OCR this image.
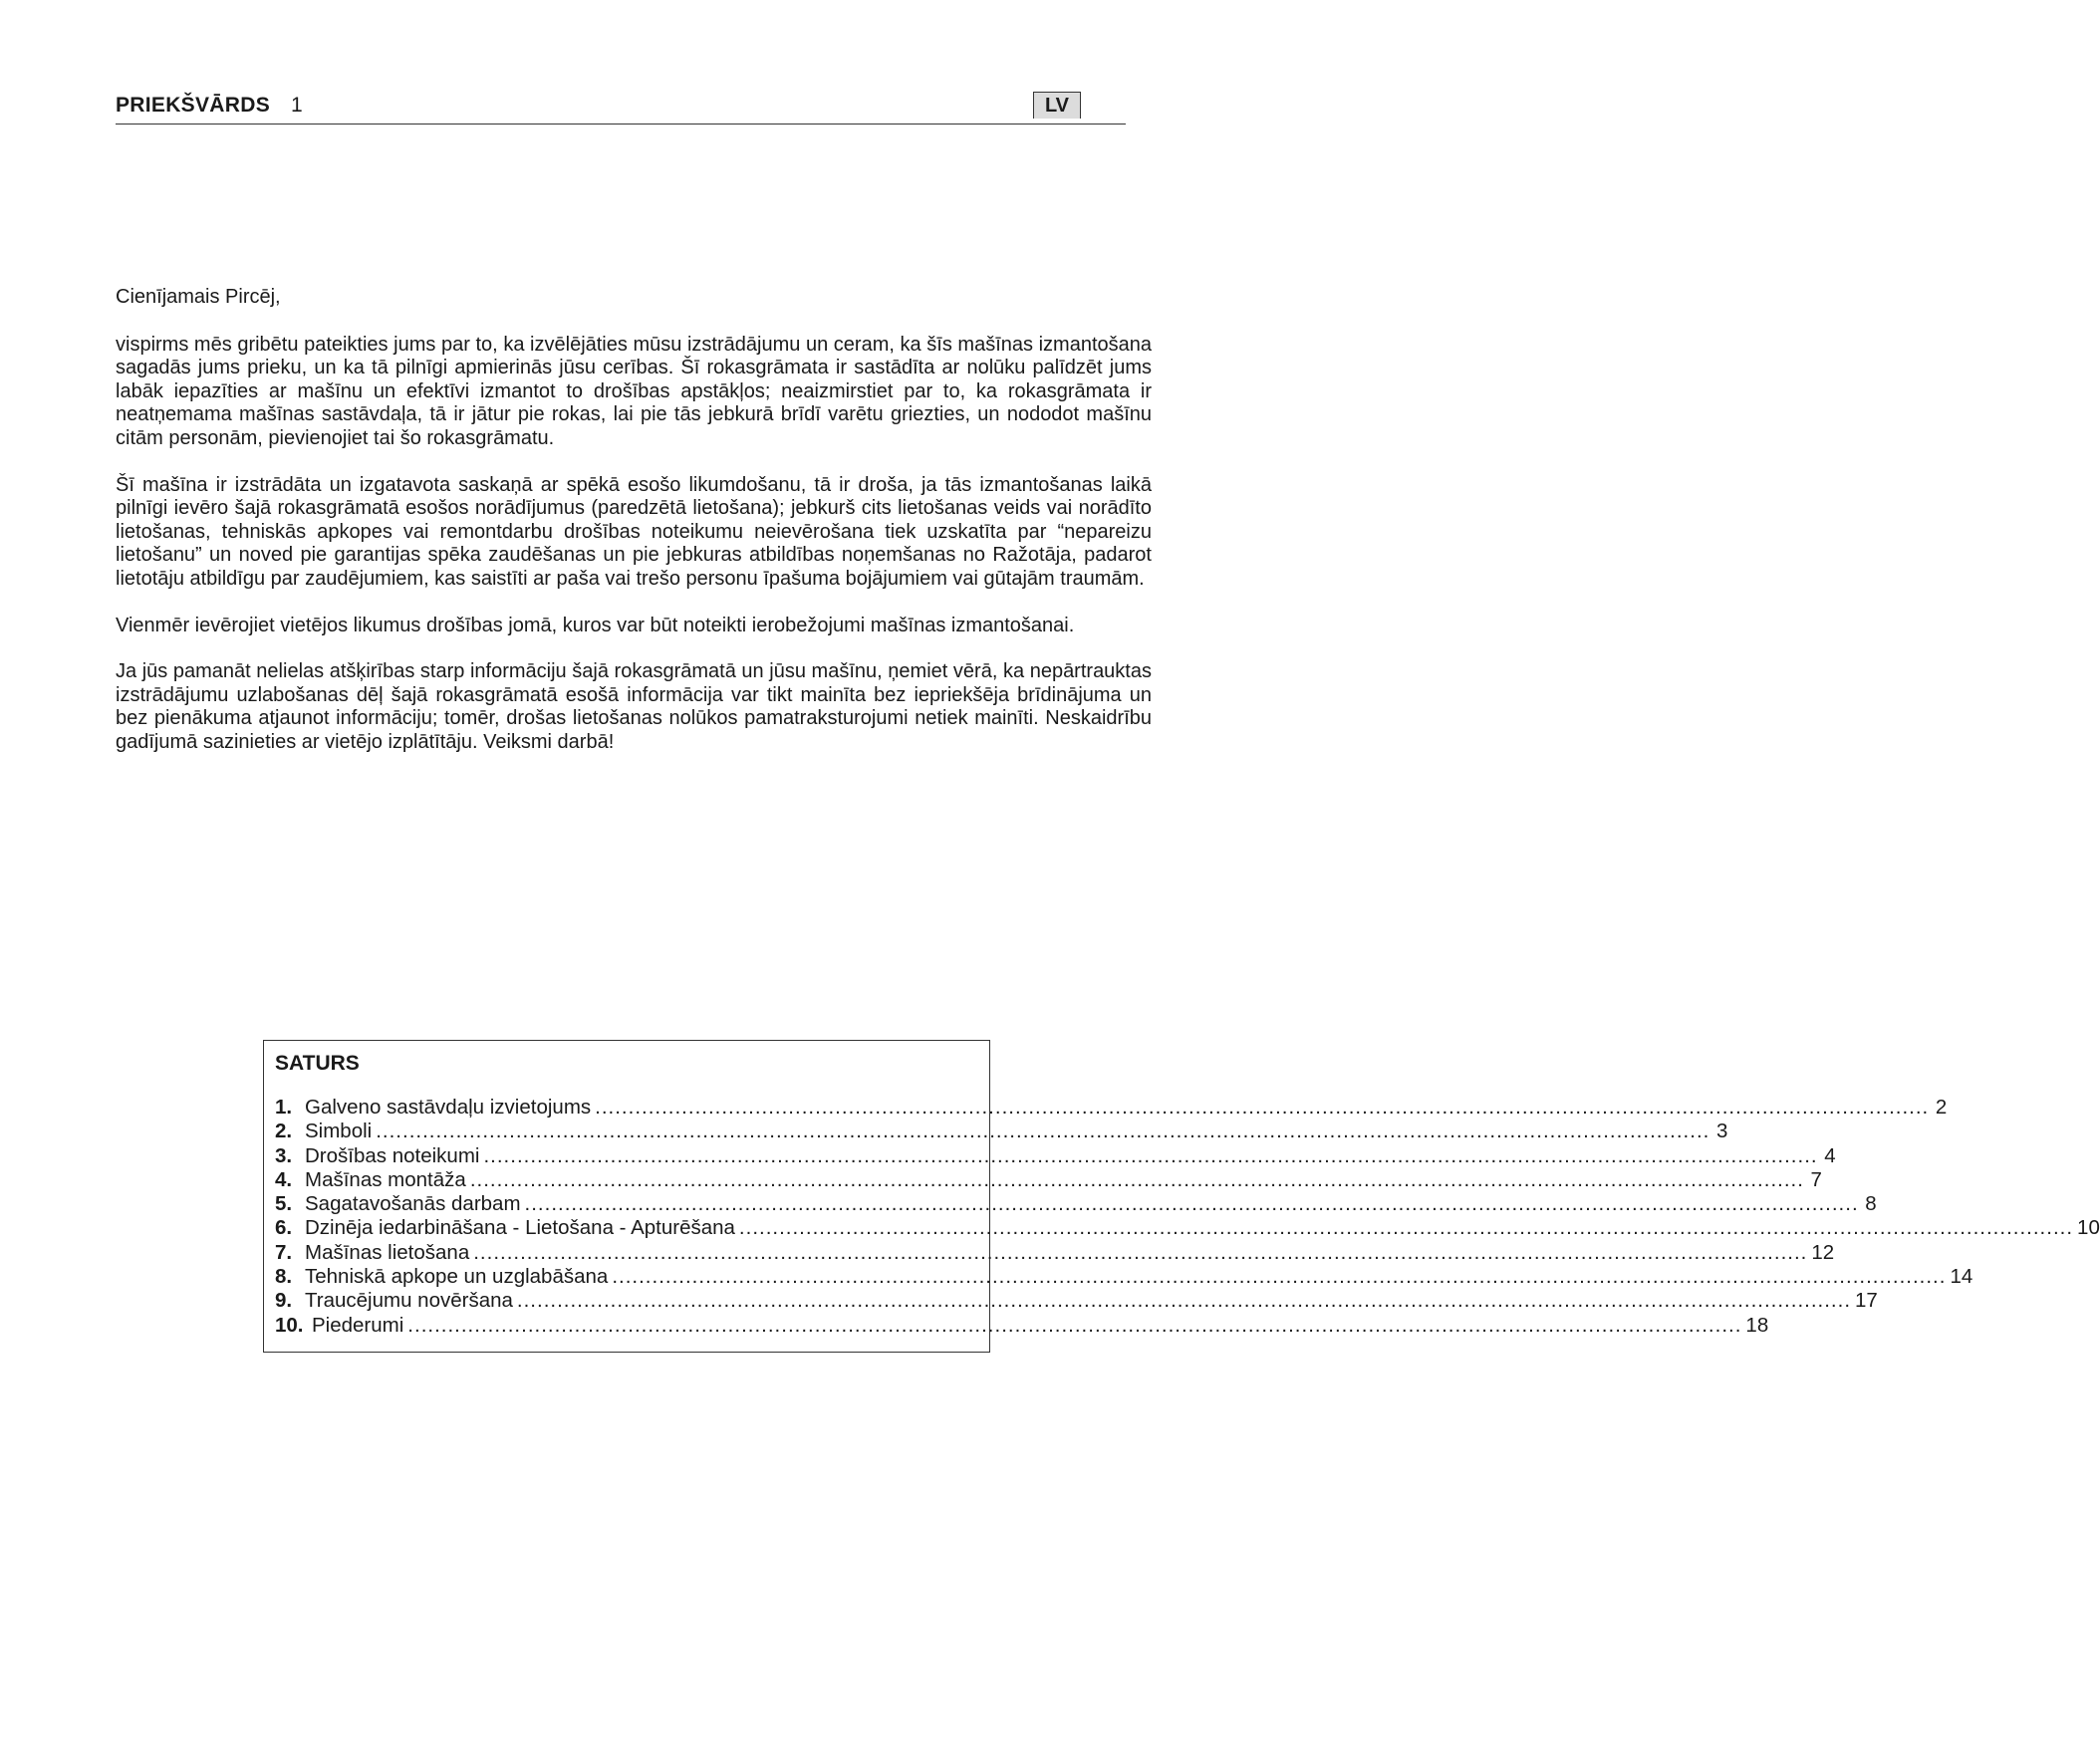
PRIEKŠVĀRDS 1	LV

Cienījamais Pircēj,

vispirms mēs gribētu pateikties jums par to, ka izvēlējāties mūsu izstrādājumu un ceram, ka šīs mašīnas izmantošana sagadās jums prieku, un ka tā pilnīgi apmierinās jūsu cerības. Šī rokasgrāmata ir sastādīta ar nolūku palīdzēt jums labāk iepazīties ar mašīnu un efektīvi izmantot to drošības apstākļos; neaizmirstiet par to, ka rokasgrāmata ir neatņemama mašīnas sastāvdaļa, tā ir jātur pie rokas, lai pie tās jebkurā brīdī varētu griezties, un nododot mašīnu citām personām, pievienojiet tai šo rokasgrāmatu.

Šī mašīna ir izstrādāta un izgatavota saskaņā ar spēkā esošo likumdošanu, tā ir droša, ja tās izmantošanas laikā pilnīgi ievēro šajā rokasgrāmatā esošos norādījumus (paredzētā lietošana); jebkurš cits lietošanas veids vai norādīto lietošanas, tehniskās apkopes vai remontdarbu drošības noteikumu neievērošana tiek uzskatīta par “nepareizu lietošanu” un noved pie garantijas spēka zaudēšanas un pie jebkuras atbildības noņemšanas no Ražotāja, padarot lietotāju atbildīgu par zaudējumiem, kas saistīti ar paša vai trešo personu īpašuma bojājumiem vai gūtajām traumām.

Vienmēr ievērojiet vietējos likumus drošības jomā, kuros var būt noteikti ierobežojumi mašīnas izmantošanai.

Ja jūs pamanāt nelielas atšķirības starp informāciju šajā rokasgrāmatā un jūsu mašīnu, ņemiet vērā, ka nepārtrauktas izstrādājumu uzlabošanas dēļ šajā rokasgrāmatā esošā informācija var tikt mainīta bez iepriekšēja brīdinājuma un bez pienākuma atjaunot informāciju; tomēr, drošas lietošanas nolūkos pamatraksturojumi netiek mainīti. Neskaidrību gadījumā sazinieties ar vietējo izplātītāju. Veiksmi darbā!

SATURS
1. Galveno sastāvdaļu izvietojums ........................................................................................................................................................................................................ 2
2. Simboli ........................................................................................................................................................................................................ 3
3. Drošības noteikumi ........................................................................................................................................................................................................ 4
4. Mašīnas montāža ........................................................................................................................................................................................................ 7
5. Sagatavošanās darbam ........................................................................................................................................................................................................ 8
6. Dzinēja iedarbināšana - Lietošana - Apturēšana ........................................................................................................................................................................................................ 10
7. Mašīnas lietošana ........................................................................................................................................................................................................ 12
8. Tehniskā apkope un uzglabāšana ........................................................................................................................................................................................................ 14
9. Traucējumu novēršana ........................................................................................................................................................................................................ 17
10. Piederumi ........................................................................................................................................................................................................ 18
